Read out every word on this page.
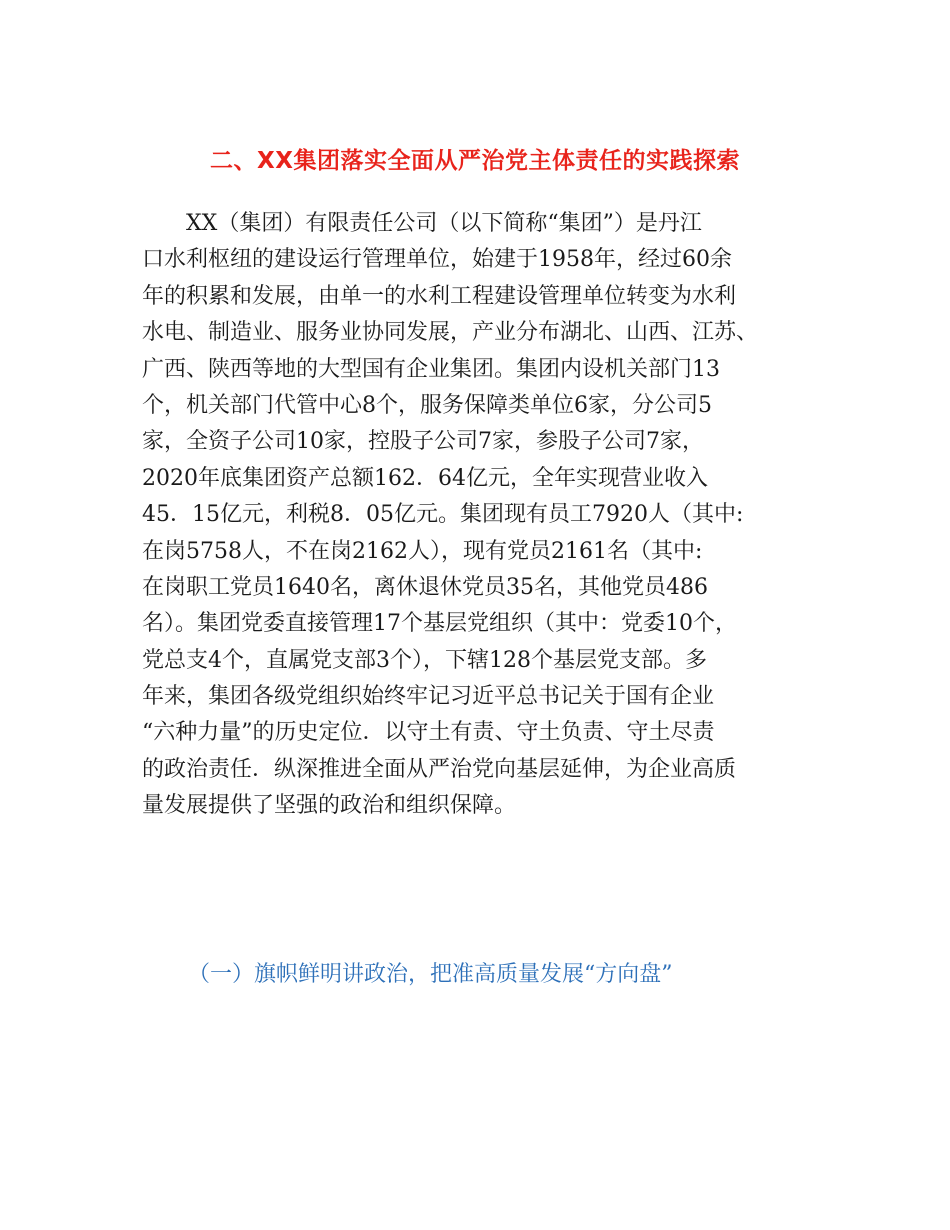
二、XX集团落实全面从严治党主体责任的实践探索
XX（集团）有限责任公司（以下简称“集团”）是丹江
口水利枢纽的建设运行管理单位，始建于1958年，经过60余
年的积累和发展，由单一的水利工程建设管理单位转变为水利
水电、制造业、服务业协同发展，产业分布湖北、山西、江苏、
广西、陕西等地的大型国有企业集团。集团内设机关部门13
个，机关部门代管中心8个，服务保障类单位6家，分公司5
家，全资子公司10家，控股子公司7家，参股子公司7家，
2020年底集团资产总额162．64亿元，全年实现营业收入
45．15亿元，利税8．05亿元。集团现有员工7920人（其中:
在岗5758人，不在岗2162人），现有党员2161名（其中:
在岗职工党员1640名，离休退休党员35名，其他党员486
名）。集团党委直接管理17个基层党组织（其中：党委10个，
党总支4个，直属党支部3个），下辖128个基层党支部。多
年来，集团各级党组织始终牢记习近平总书记关于国有企业
“六种力量”的历史定位．以守土有责、守土负责、守土尽责
的政治责任．纵深推进全面从严治党向基层延伸，为企业高质
量发展提供了坚强的政治和组织保障。
（一）旗帜鲜明讲政治，把准高质量发展“方向盘”
